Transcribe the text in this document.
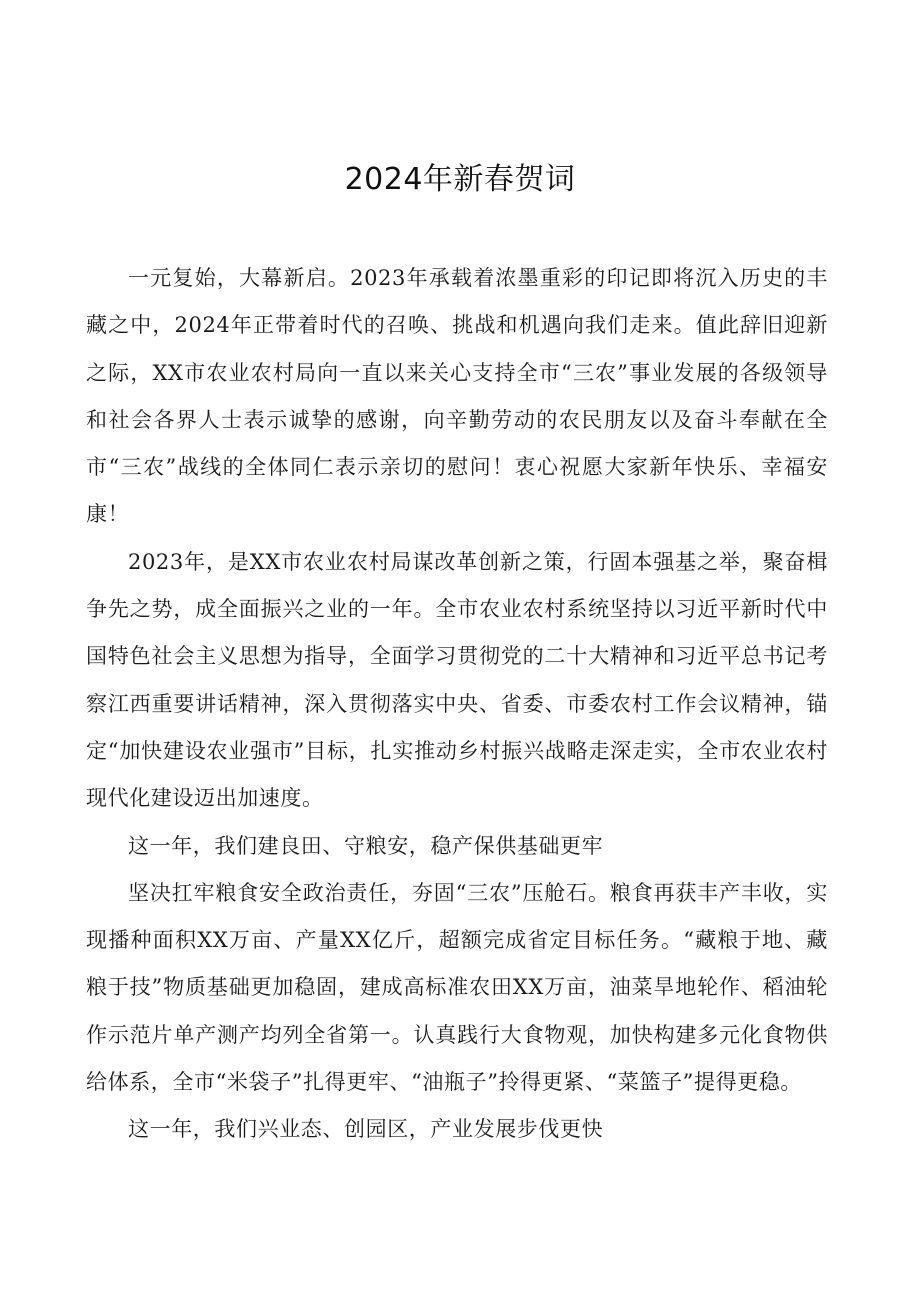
2024年新春贺词

一元复始，大幕新启。2023年承载着浓墨重彩的印记即将沉入历史的丰藏之中，2024年正带着时代的召唤、挑战和机遇向我们走来。值此辞旧迎新之际，XX市农业农村局向一直以来关心支持全市“三农”事业发展的各级领导和社会各界人士表示诚挚的感谢，向辛勤劳动的农民朋友以及奋斗奉献在全市“三农”战线的全体同仁表示亲切的慰问！衷心祝愿大家新年快乐、幸福安康！

2023年，是XX市农业农村局谋改革创新之策，行固本强基之举，聚奋楫争先之势，成全面振兴之业的一年。全市农业农村系统坚持以习近平新时代中国特色社会主义思想为指导，全面学习贯彻党的二十大精神和习近平总书记考察江西重要讲话精神，深入贯彻落实中央、省委、市委农村工作会议精神，锚定“加快建设农业强市”目标，扎实推动乡村振兴战略走深走实，全市农业农村现代化建设迈出加速度。

这一年，我们建良田、守粮安，稳产保供基础更牢

坚决扛牢粮食安全政治责任，夯固“三农”压舱石。粮食再获丰产丰收，实现播种面积XX万亩、产量XX亿斤，超额完成省定目标任务。“藏粮于地、藏粮于技”物质基础更加稳固，建成高标准农田XX万亩，油菜旱地轮作、稻油轮作示范片单产测产均列全省第一。认真践行大食物观，加快构建多元化食物供给体系，全市“米袋子”扎得更牢、“油瓶子”拎得更紧、“菜篮子”提得更稳。

这一年，我们兴业态、创园区，产业发展步伐更快
